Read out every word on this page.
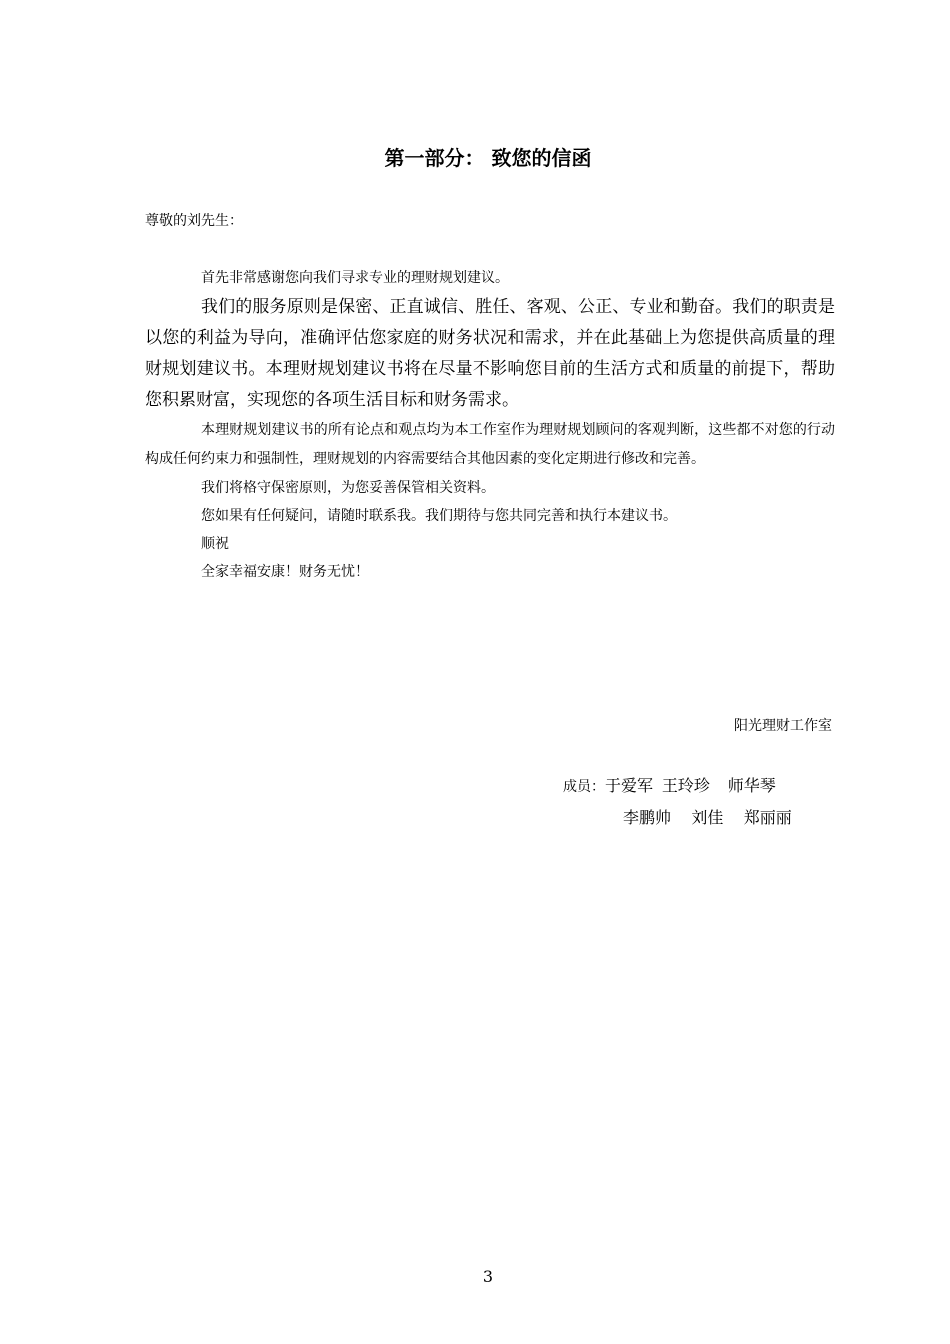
第一部分： 致您的信函
尊敬的刘先生：

首先非常感谢您向我们寻求专业的理财规划建议。

我们的服务原则是保密、正直诚信、胜任、客观、公正、专业和勤奋。我们的职责是以您的利益为导向，准确评估您家庭的财务状况和需求，并在此基础上为您提供高质量的理财规划建议书。本理财规划建议书将在尽量不影响您目前的生活方式和质量的前提下，帮助您积累财富，实现您的各项生活目标和财务需求。

本理财规划建议书的所有论点和观点均为本工作室作为理财规划顾问的客观判断，这些都不对您的行动构成任何约束力和强制性，理财规划的内容需要结合其他因素的变化定期进行修改和完善。

我们将格守保密原则，为您妥善保管相关资料。

您如果有任何疑问，请随时联系我。我们期待与您共同完善和执行本建议书。

顺祝

全家幸福安康！财务无忧！

阳光理财工作室
成员：于爱军 王玲珍 师华琴
李鹏帅 刘佳 郑丽丽
3
